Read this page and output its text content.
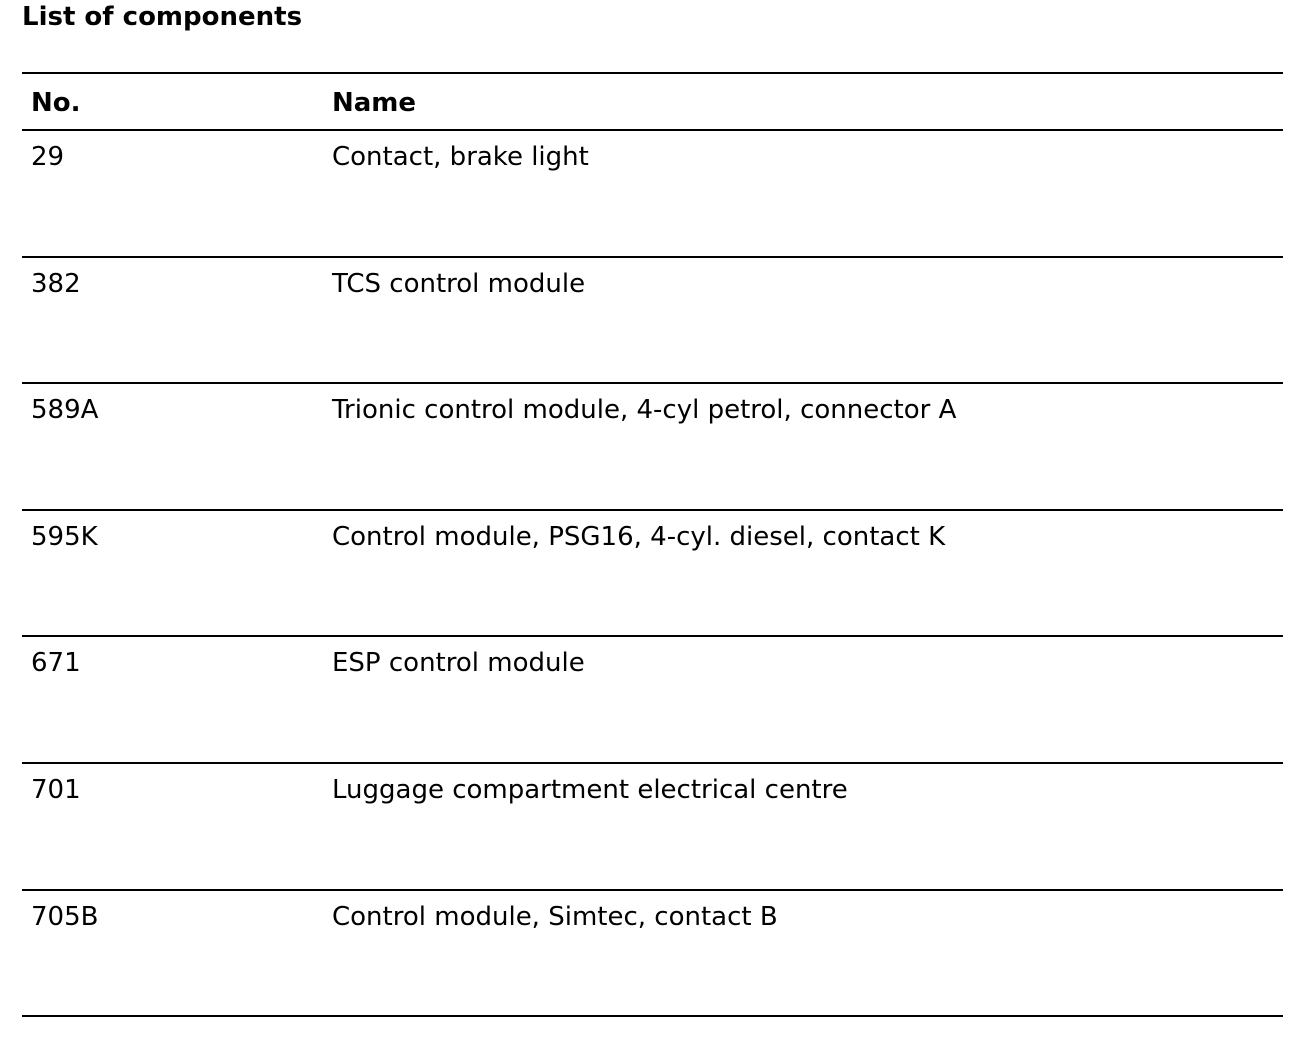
List of components
No.	Name
29	Contact, brake light
382	TCS control module
589A	Trionic control module, 4-cyl petrol, connector A
595K	Control module, PSG16, 4-cyl. diesel, contact K
671	ESP control module
701	Luggage compartment electrical centre
705B	Control module, Simtec, contact B
